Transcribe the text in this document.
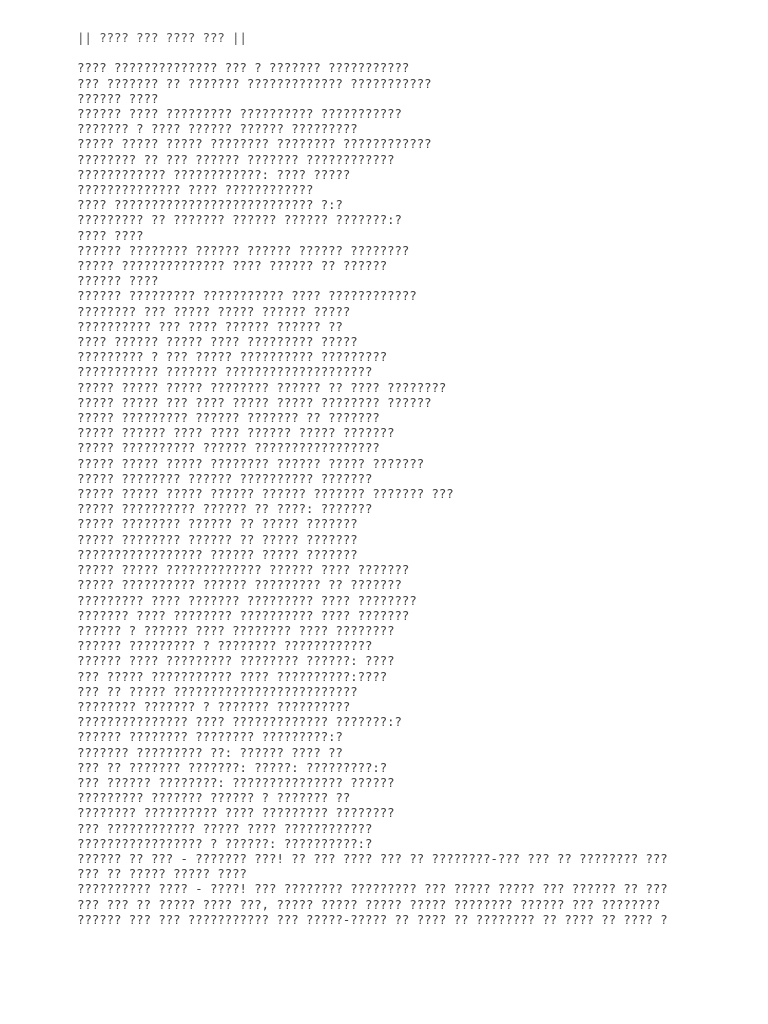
|| ???? ??? ???? ??? ||
???? ?????????????? ??? ? ??????? ???????????
??? ??????? ?? ??????? ????????????? ???????????
?????? ????
?????? ???? ????????? ?????????? ???????????
??????? ? ???? ?????? ?????? ?????????
????? ????? ????? ???????? ???????? ????????????
???????? ?? ??? ?????? ??????? ????????????
???????????? ????????????: ???? ?????
?????????????? ???? ????????????
???? ??????????????????????????? ?:?
????????? ?? ??????? ?????? ?????? ???????:?
???? ????
?????? ???????? ?????? ?????? ?????? ????????
????? ?????????????? ???? ?????? ?? ??????
?????? ????
?????? ????????? ??????????? ???? ????????????
???????? ??? ????? ????? ?????? ?????
?????????? ??? ???? ?????? ?????? ??
???? ?????? ????? ???? ????????? ?????
????????? ? ??? ????? ?????????? ?????????
??????????? ??????? ????????????????????
????? ????? ????? ???????? ?????? ?? ???? ????????
????? ????? ??? ???? ????? ????? ???????? ??????
????? ????????? ?????? ??????? ?? ???????
????? ?????? ???? ???? ?????? ????? ???????
????? ?????????? ?????? ?????????????????
????? ????? ????? ???????? ?????? ????? ???????
????? ???????? ?????? ?????????? ???????
????? ????? ????? ?????? ?????? ??????? ??????? ???
????? ?????????? ?????? ?? ????: ???????
????? ???????? ?????? ?? ????? ???????
????? ???????? ?????? ?? ????? ???????
????????????????? ?????? ????? ???????
????? ????? ????????????? ?????? ???? ???????
????? ?????????? ?????? ????????? ?? ???????
????????? ???? ??????? ????????? ???? ????????
??????? ???? ???????? ?????????? ???? ???????
?????? ? ?????? ???? ???????? ???? ????????
?????? ????????? ? ???????? ????????????
?????? ???? ????????? ???????? ??????: ????
??? ????? ??????????? ???? ??????????:????
??? ?? ????? ?????????????????????????
???????? ??????? ? ??????? ??????????
??????????????? ???? ????????????? ???????:?
?????? ???????? ???????? ?????????:?
??????? ????????? ??: ?????? ???? ??
??? ?? ??????? ???????: ?????: ?????????:?
??? ?????? ????????: ??????????????? ??????
????????? ??????? ?????? ? ??????? ??
???????? ?????????? ???? ????????? ????????
??? ???????????? ????? ???? ????????????
????????????????? ? ??????: ??????????:?
?????? ?? ??? - ??????? ???! ?? ??? ???? ??? ?? ????????-??? ??? ?? ???????? ???
??? ?? ????? ????? ????
?????????? ???? - ????! ??? ???????? ????????? ??? ????? ????? ??? ?????? ?? ???
??? ??? ?? ????? ???? ???, ????? ????? ????? ????? ???????? ?????? ??? ????????
?????? ??? ??? ??????????? ??? ?????-????? ?? ???? ?? ???????? ?? ???? ?? ???? ?
